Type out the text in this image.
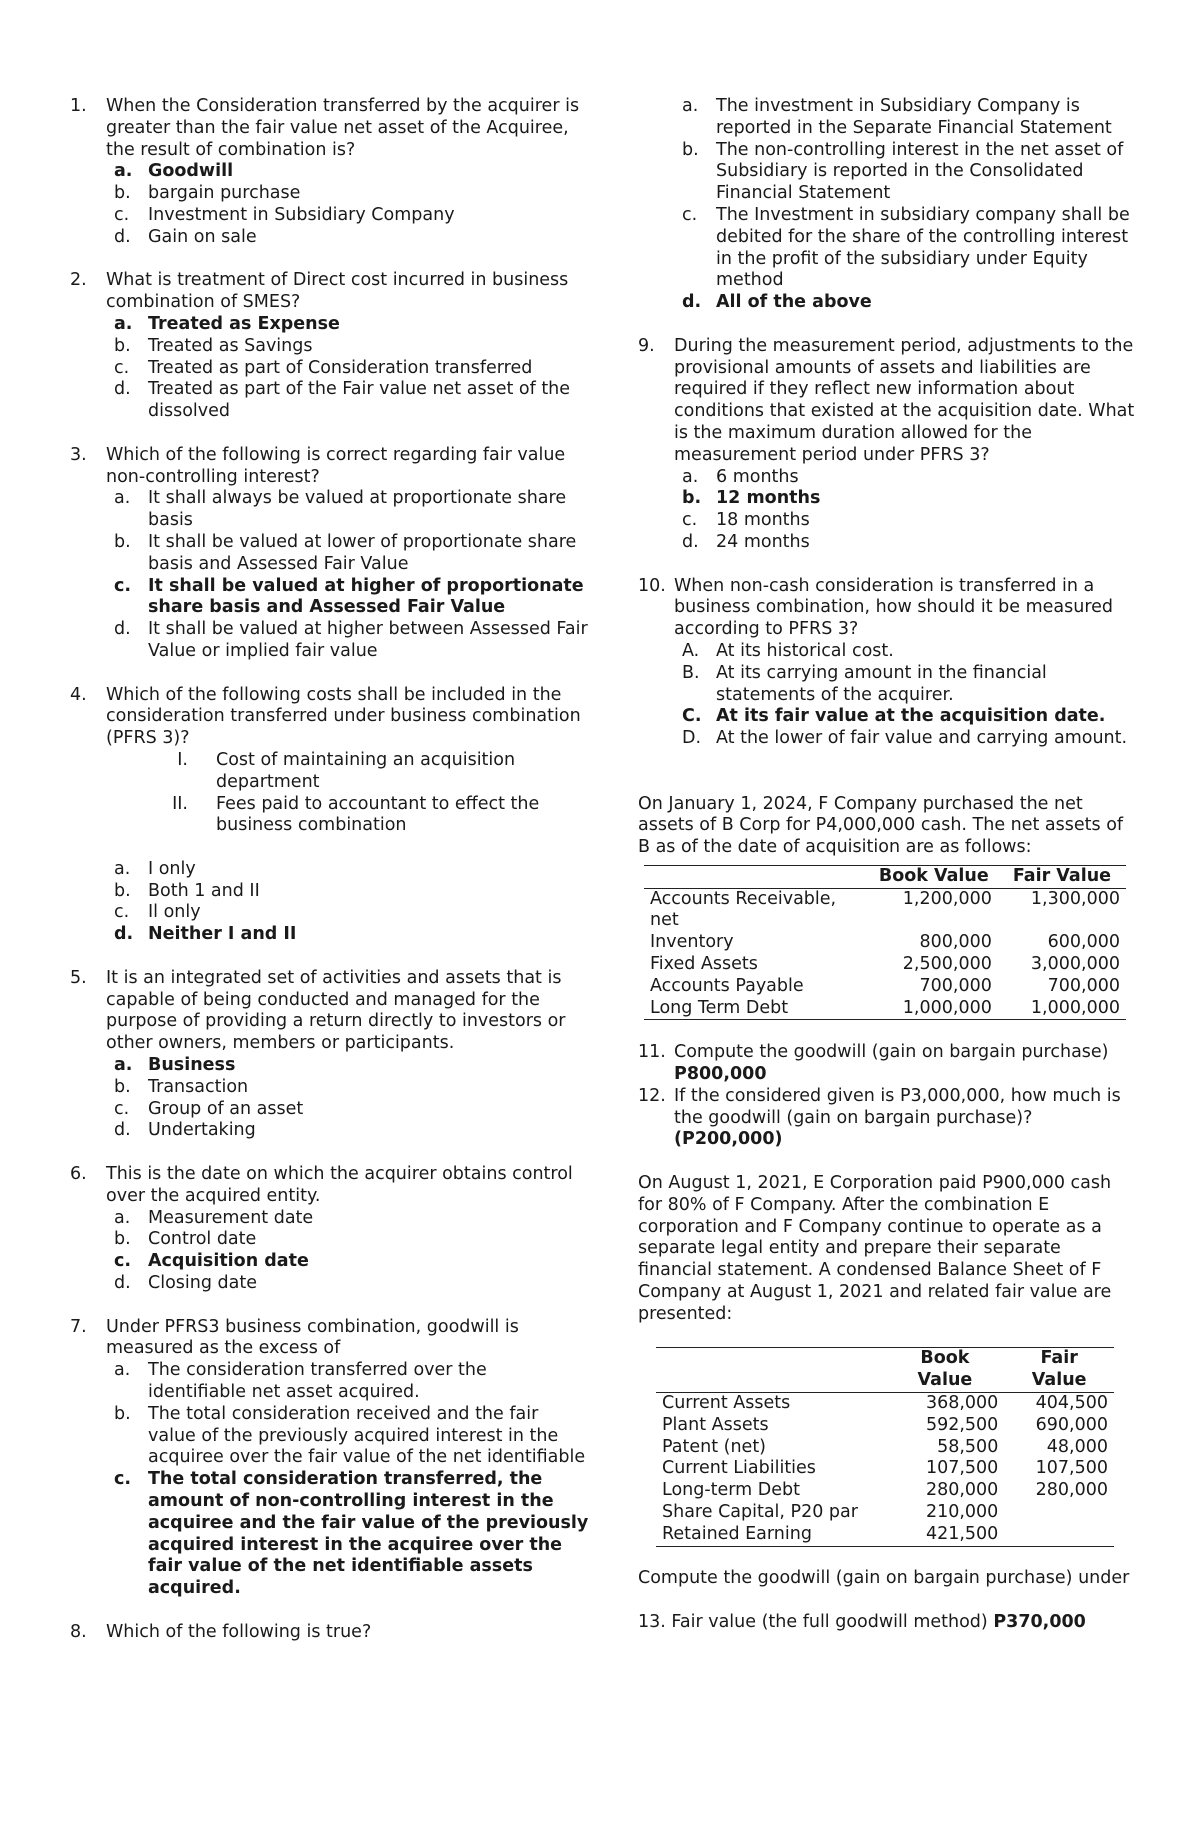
1.	When the Consideration transferred by the acquirer is greater than the fair value net asset of the Acquiree, the result of combination is?
a. Goodwill
b. bargain purchase
c.	Investment in Subsidiary Company
d. Gain on sale
2.	What is treatment of Direct cost incurred in business combination of SMES?
a. Treated as Expense
b. Treated as Savings
c.	Treated as part of Consideration transferred
d. Treated as part of the Fair value net asset of the dissolved
3.	Which of the following is correct regarding fair value non-controlling interest?
a.	It shall always be valued at proportionate share basis
b. It shall be valued at lower of proportionate share basis and Assessed Fair Value
c. It shall be valued at higher of proportionate share basis and Assessed Fair Value
d. It shall be valued at higher between Assessed Fair Value or implied fair value
4.	Which of the following costs shall be included in the consideration transferred under business combination (PFRS 3)?
I.	Cost of maintaining an acquisition department
II.	Fees paid to accountant to effect the business combination
a.	I only
b. Both 1 and II
c.	Il only
d. Neither I and II
5.	It is an integrated set of activities and assets that is capable of being conducted and managed for the purpose of providing a return directly to investors or other owners, members or participants.
a. Business
b. Transaction
c.	Group of an asset
d. Undertaking
6.	This is the date on which the acquirer obtains control over the acquired entity.
a.	Measurement date
b. Control date
c. Acquisition date
d. Closing date
7.	Under PFRS3 business combination, goodwill is measured as the excess of
a.	The consideration transferred over the identifiable net asset acquired.
b. The total consideration received and the fair value of the previously acquired interest in the acquiree over the fair value of the net identifiable
c. The total consideration transferred, the amount of non-controlling interest in the acquiree and the fair value of the previously acquired interest in the acquiree over the fair value of the net identifiable assets acquired.
8.	Which of the following is true?
a.	The investment in Subsidiary Company is reported in the Separate Financial Statement
b. The non-controlling interest in the net asset of Subsidiary is reported in the Consolidated Financial Statement
c.	The Investment in subsidiary company shall be debited for the share of the controlling interest in the profit of the subsidiary under Equity method
d. All of the above
9.	During the measurement period, adjustments to the provisional amounts of assets and liabilities are required if they reflect new information about conditions that existed at the acquisition date. What is the maximum duration allowed for the measurement period under PFRS 3?
a.	6 months
b. 12 months
c.	18 months
d. 24 months
10. When non-cash consideration is transferred in a business combination, how should it be measured according to PFRS 3?
A. At its historical cost.
B. At its carrying amount in the financial statements of the acquirer.
C. At its fair value at the acquisition date.
D. At the lower of fair value and carrying amount.
On January 1, 2024, F Company purchased the net assets of B Corp for P4,000,000 cash. The net assets of B as of the date of acquisition are as follows:
	Book Value	Fair Value
Accounts Receivable, net	1,200,000	1,300,000
Inventory	800,000	600,000
Fixed Assets	2,500,000	3,000,000
Accounts Payable	700,000	700,000
Long Term Debt	1,000,000	1,000,000
11. Compute the goodwill (gain on bargain purchase) P800,000
12. If the considered given is P3,000,000, how much is the goodwill (gain on bargain purchase)?
(P200,000)
On August 1, 2021, E Corporation paid P900,000 cash for 80% of F Company. After the combination E corporation and F Company continue to operate as a separate legal entity and prepare their separate financial statement. A condensed Balance Sheet of F Company at August 1, 2021 and related fair value are presented:
	Book Value	Fair Value
Current Assets	368,000	404,500
Plant Assets	592,500	690,000
Patent (net)	58,500	48,000
Current Liabilities	107,500	107,500
Long-term Debt	280,000	280,000
Share Capital, P20 par	210,000	
Retained Earning	421,500	
Compute the goodwill (gain on bargain purchase) under
13. Fair value (the full goodwill method) P370,000
